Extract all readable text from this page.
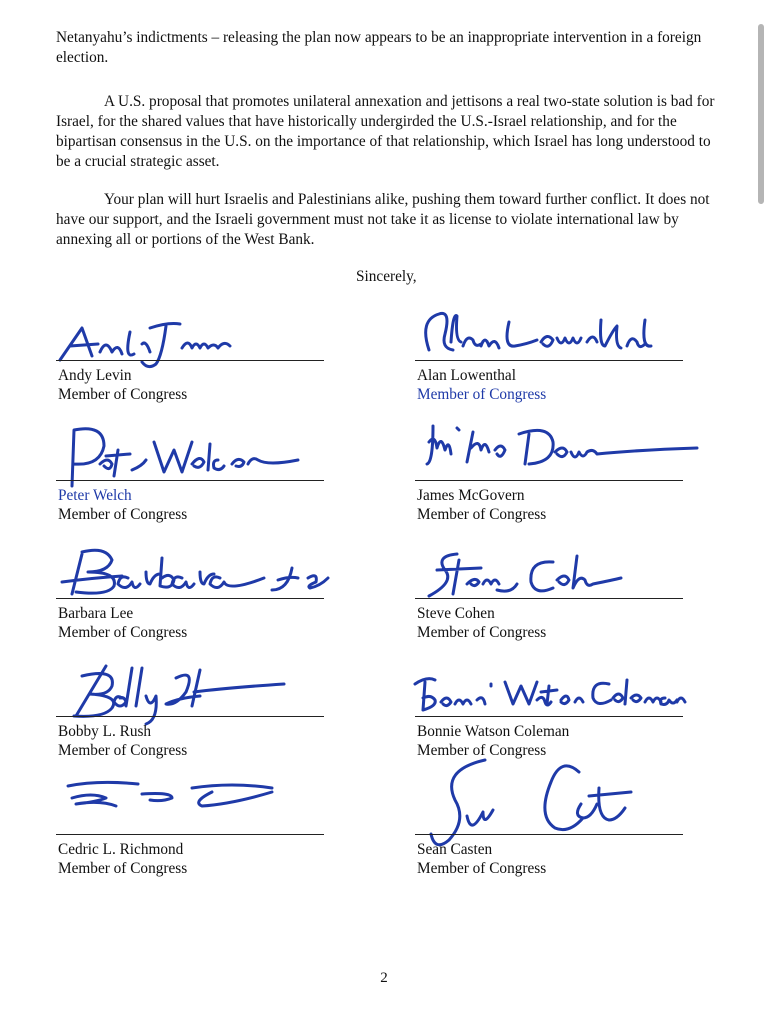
Netanyahu’s indictments – releasing the plan now appears to be an inappropriate intervention in a foreign election.

A U.S. proposal that promotes unilateral annexation and jettisons a real two-state solution is bad for Israel, for the shared values that have historically undergirded the U.S.-Israel relationship, and for the bipartisan consensus in the U.S. on the importance of that relationship, which Israel has long understood to be a crucial strategic asset.

Your plan will hurt Israelis and Palestinians alike, pushing them toward further conflict. It does not have our support, and the Israeli government must not take it as license to violate international law by annexing all or portions of the West Bank.

Sincerely,
Andy Levin
Member of Congress
Alan Lowenthal
Member of Congress
Peter Welch
Member of Congress
James McGovern
Member of Congress
Barbara Lee
Member of Congress
Steve Cohen
Member of Congress
Bobby L. Rush
Member of Congress
Bonnie Watson Coleman
Member of Congress
Cedric L. Richmond
Member of Congress
Sean Casten
Member of Congress
2
